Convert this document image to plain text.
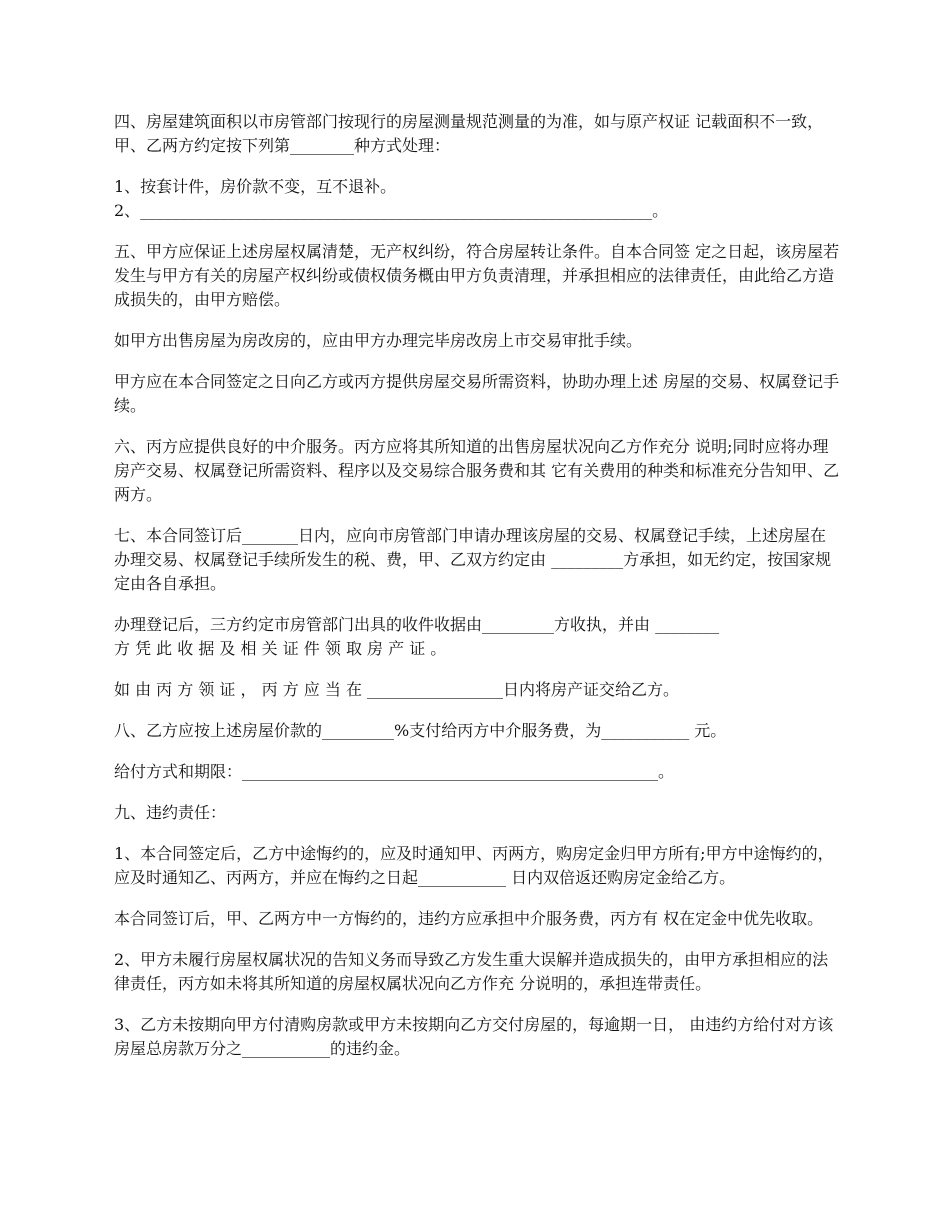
四、房屋建筑面积以市房管部门按现行的房屋测量规范测量的为准，如与原产权证 记载面积不一致，甲、乙两方约定按下列第________种方式处理：

1、按套计件，房价款不变，互不退补。

2、________________________________________________________________。

五、甲方应保证上述房屋权属清楚，无产权纠纷，符合房屋转让条件。自本合同签 定之日起，该房屋若发生与甲方有关的房屋产权纠纷或债权债务概由甲方负责清理，并承担相应的法律责任，由此给乙方造成损失的，由甲方赔偿。

如甲方出售房屋为房改房的，应由甲方办理完毕房改房上市交易审批手续。

甲方应在本合同签定之日向乙方或丙方提供房屋交易所需资料，协助办理上述 房屋的交易、权属登记手续。

六、丙方应提供良好的中介服务。丙方应将其所知道的出售房屋状况向乙方作充分 说明;同时应将办理房产交易、权属登记所需资料、程序以及交易综合服务费和其 它有关费用的种类和标准充分告知甲、乙两方。

七、本合同签订后_______日内，应向市房管部门申请办理该房屋的交易、权属登记手续，上述房屋在办理交易、权属登记手续所发生的税、费，甲、乙双方约定由 _________方承担，如无约定，按国家规定由各自承担。

办理登记后，三方约定市房管部门出具的收件收据由_________方收执，并由 ________

方 凭 此 收 据 及 相 关 证 件 领 取 房 产 证 。

如 由 丙 方 领 证 ， 丙 方 应 当 在 _________________日内将房产证交给乙方。

八、乙方应按上述房屋价款的_________%支付给丙方中介服务费，为___________ 元。

给付方式和期限：____________________________________________________。

九、违约责任：

1、本合同签定后，乙方中途悔约的，应及时通知甲、丙两方，购房定金归甲方所有;甲方中途悔约的，应及时通知乙、丙两方，并应在悔约之日起___________ 日内双倍返还购房定金给乙方。

本合同签订后，甲、乙两方中一方悔约的，违约方应承担中介服务费，丙方有 权在定金中优先收取。

2、甲方未履行房屋权属状况的告知义务而导致乙方发生重大误解并造成损失的，由甲方承担相应的法律责任，丙方如未将其所知道的房屋权属状况向乙方作充 分说明的，承担连带责任。

3、乙方未按期向甲方付清购房款或甲方未按期向乙方交付房屋的，每逾期一日， 由违约方给付对方该房屋总房款万分之___________的违约金。
